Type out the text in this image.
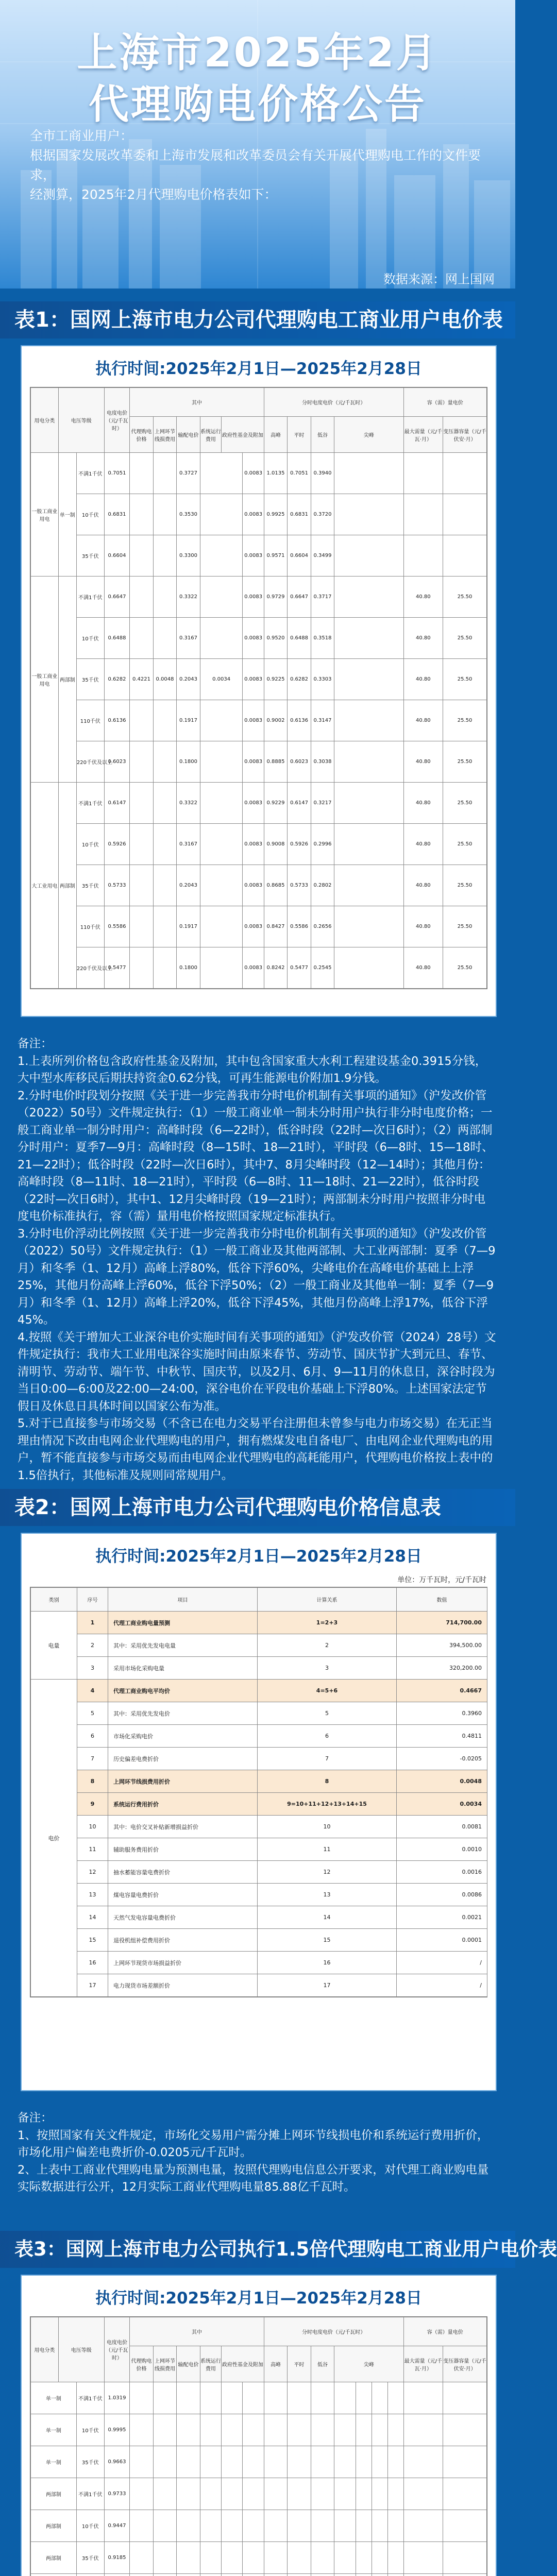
上海市2025年2月
代理购电价格公告
全市工商业用户：
根据国家发展改革委和上海市发展和改革委员会有关开展代理购电工作的文件要求，
经测算，2025年2月代理购电价格表如下：
数据来源：网上国网
表1：国网上海市电力公司代理购电工商业用户电价表
执行时间:2025年2月1日—2025年2月28日
用电分类	电压等级		电度电价（元/千瓦时）	其中						分时电度电价（元/千瓦时）				容（需）量电价	
				代理购电价格	上网环节线损费用	输配电价	系统运行费用	政府性基金及附加		高峰	平时	低谷	尖峰	最大需量（元/千瓦·月）	变压器容量（元/千伏安·月）
一般工商业用电	单一制	不满1千伏	0.7051			0.3727			0.0083	1.0135	0.7051	0.3940			
		10千伏	0.6831			0.3530			0.0083	0.9925	0.6831	0.3720			
		35千伏	0.6604			0.3300			0.0083	0.9571	0.6604	0.3499			
一般工商业用电	两部制	不满1千伏	0.6647			0.3322			0.0083	0.9729	0.6647	0.3717		40.80	25.50
		10千伏	0.6488			0.3167			0.0083	0.9520	0.6488	0.3518		40.80	25.50
		35千伏	0.6282	0.4221	0.0048	0.2043	0.0034		0.0083	0.9225	0.6282	0.3303		40.80	25.50
		110千伏	0.6136			0.1917			0.0083	0.9002	0.6136	0.3147		40.80	25.50
		220千伏及以上	0.6023			0.1800			0.0083	0.8885	0.6023	0.3038		40.80	25.50
大工业用电	两部制	不满1千伏	0.6147			0.3322			0.0083	0.9229	0.6147	0.3217		40.80	25.50
		10千伏	0.5926			0.3167			0.0083	0.9008	0.5926	0.2996		40.80	25.50
		35千伏	0.5733			0.2043			0.0083	0.8685	0.5733	0.2802		40.80	25.50
		110千伏	0.5586			0.1917			0.0083	0.8427	0.5586	0.2656		40.80	25.50
		220千伏及以上	0.5477			0.1800			0.0083	0.8242	0.5477	0.2545		40.80	25.50

备注：

1.上表所列价格包含政府性基金及附加，其中包含国家重大水利工程建设基金0.3915分钱，大中型水库移民后期扶持资金0.62分钱，可再生能源电价附加1.9分钱。

2.分时电价时段划分按照《关于进一步完善我市分时电价机制有关事项的通知》（沪发改价管（2022）50号）文件规定执行：（1）一般工商业单一制未分时用户执行非分时电度价格；一般工商业单一制分时用户：高峰时段（6—22时），低谷时段（22时—次日6时）；（2）两部制分时用户：夏季7—9月：高峰时段（8—15时、18—21时），平时段（6—8时、15—18时、21—22时）；低谷时段（22时—次日6时），其中7、8月尖峰时段（12—14时）；其他月份：高峰时段（8—11时、18—21时），平时段（6—8时、11—18时、21—22时），低谷时段（22时—次日6时），其中1、12月尖峰时段（19—21时）；两部制未分时用户按照非分时电度电价标准执行，容（需）量用电价格按照国家规定标准执行。

3.分时电价浮动比例按照《关于进一步完善我市分时电价机制有关事项的通知》（沪发改价管（2022）50号）文件规定执行：（1）一般工商业及其他两部制、大工业两部制：夏季（7—9月）和冬季（1、12月）高峰上浮80%，低谷下浮60%，尖峰电价在高峰电价基础上上浮25%，其他月份高峰上浮60%，低谷下浮50%；（2）一般工商业及其他单一制：夏季（7—9月）和冬季（1、12月）高峰上浮20%，低谷下浮45%，其他月份高峰上浮17%，低谷下浮45%。

4.按照《关于增加大工业深谷电价实施时间有关事项的通知》（沪发改价管（2024）28号）文件规定执行：我市大工业用电深谷实施时间由原来春节、劳动节、国庆节扩大到元旦、春节、清明节、劳动节、端午节、中秋节、国庆节，以及2月、6月、9—11月的休息日，深谷时段为当日0:00—6:00及22:00—24:00，深谷电价在平段电价基础上下浮80%。上述国家法定节假日及休息日具体时间以国家公布为准。

5.对于已直接参与市场交易（不含已在电力交易平台注册但未曾参与电力市场交易）在无正当理由情况下改由电网企业代理购电的用户，拥有燃煤发电自备电厂、由电网企业代理购电的用户，暂不能直接参与市场交易而由电网企业代理购电的高耗能用户，代理购电价格按上表中的1.5倍执行，其他标准及规则同常规用户。

表2：国网上海市电力公司代理购电价格信息表
执行时间:2025年2月1日—2025年2月28日
单位：万千瓦时，元/千瓦时
类别	序号	项目	计算关系	数值
电量	1	代理工商业购电量预测	1=2+3	714,700.00
	2	其中：采用优先发电电量	2	394,500.00
	3	采用市场化采购电量	3	320,200.00
电价	4	代理工商业购电平均价	4=5+6	0.4667
	5	其中：采用优先发电价	5	0.3960
	6	市场化采购电价	6	0.4811
	7	历史偏差电费折价	7	-0.0205
	8	上网环节线损费用折价	8	0.0048
	9	系统运行费用折价	9=10+11+12+13+14+15	0.0034
	10	其中：电价交叉补贴新增损益折价	10	0.0081
	11	辅助服务费用折价	11	0.0010
	12	抽水蓄能容量电费折价	12	0.0016
	13	煤电容量电费折价	13	0.0086
	14	天然气发电容量电费折价	14	0.0021
	15	退役机组补偿费用折价	15	0.0001
	16	上网环节现货市场损益折价	16	/
	17	电力现货市场差额折价	17	/

备注：

1、按照国家有关文件规定，市场化交易用户需分摊上网环节线损电价和系统运行费用折价，市场化用户偏差电费折价-0.0205元/千瓦时。

2、上表中工商业代理购电量为预测电量，按照代理购电信息公开要求，对代理工商业购电量实际数据进行公开，12月实际工商业代理购电量85.88亿千瓦时。

表3：国网上海市电力公司执行1.5倍代理购电工商业用户电价表
执行时间:2025年2月1日—2025年2月28日
用电分类	电压等级		电度电价（元/千瓦时）	其中						分时电度电价（元/千瓦时）							容（需）量电价	
				代理购电价格	上网环节线损费用	输配电价	系统运行费用	政府性基金及附加		高峰	平时	低谷	尖峰				最大需量（元/千瓦·月）	变压器容量（元/千伏安·月）
单一制		不满1千伏	1.0319															
单一制		10千伏	0.9995															
单一制		35千伏	0.9663															
两部制		不满1千伏	0.9733															
两部制		10千伏	0.9447															
两部制		35千伏	0.9185															
